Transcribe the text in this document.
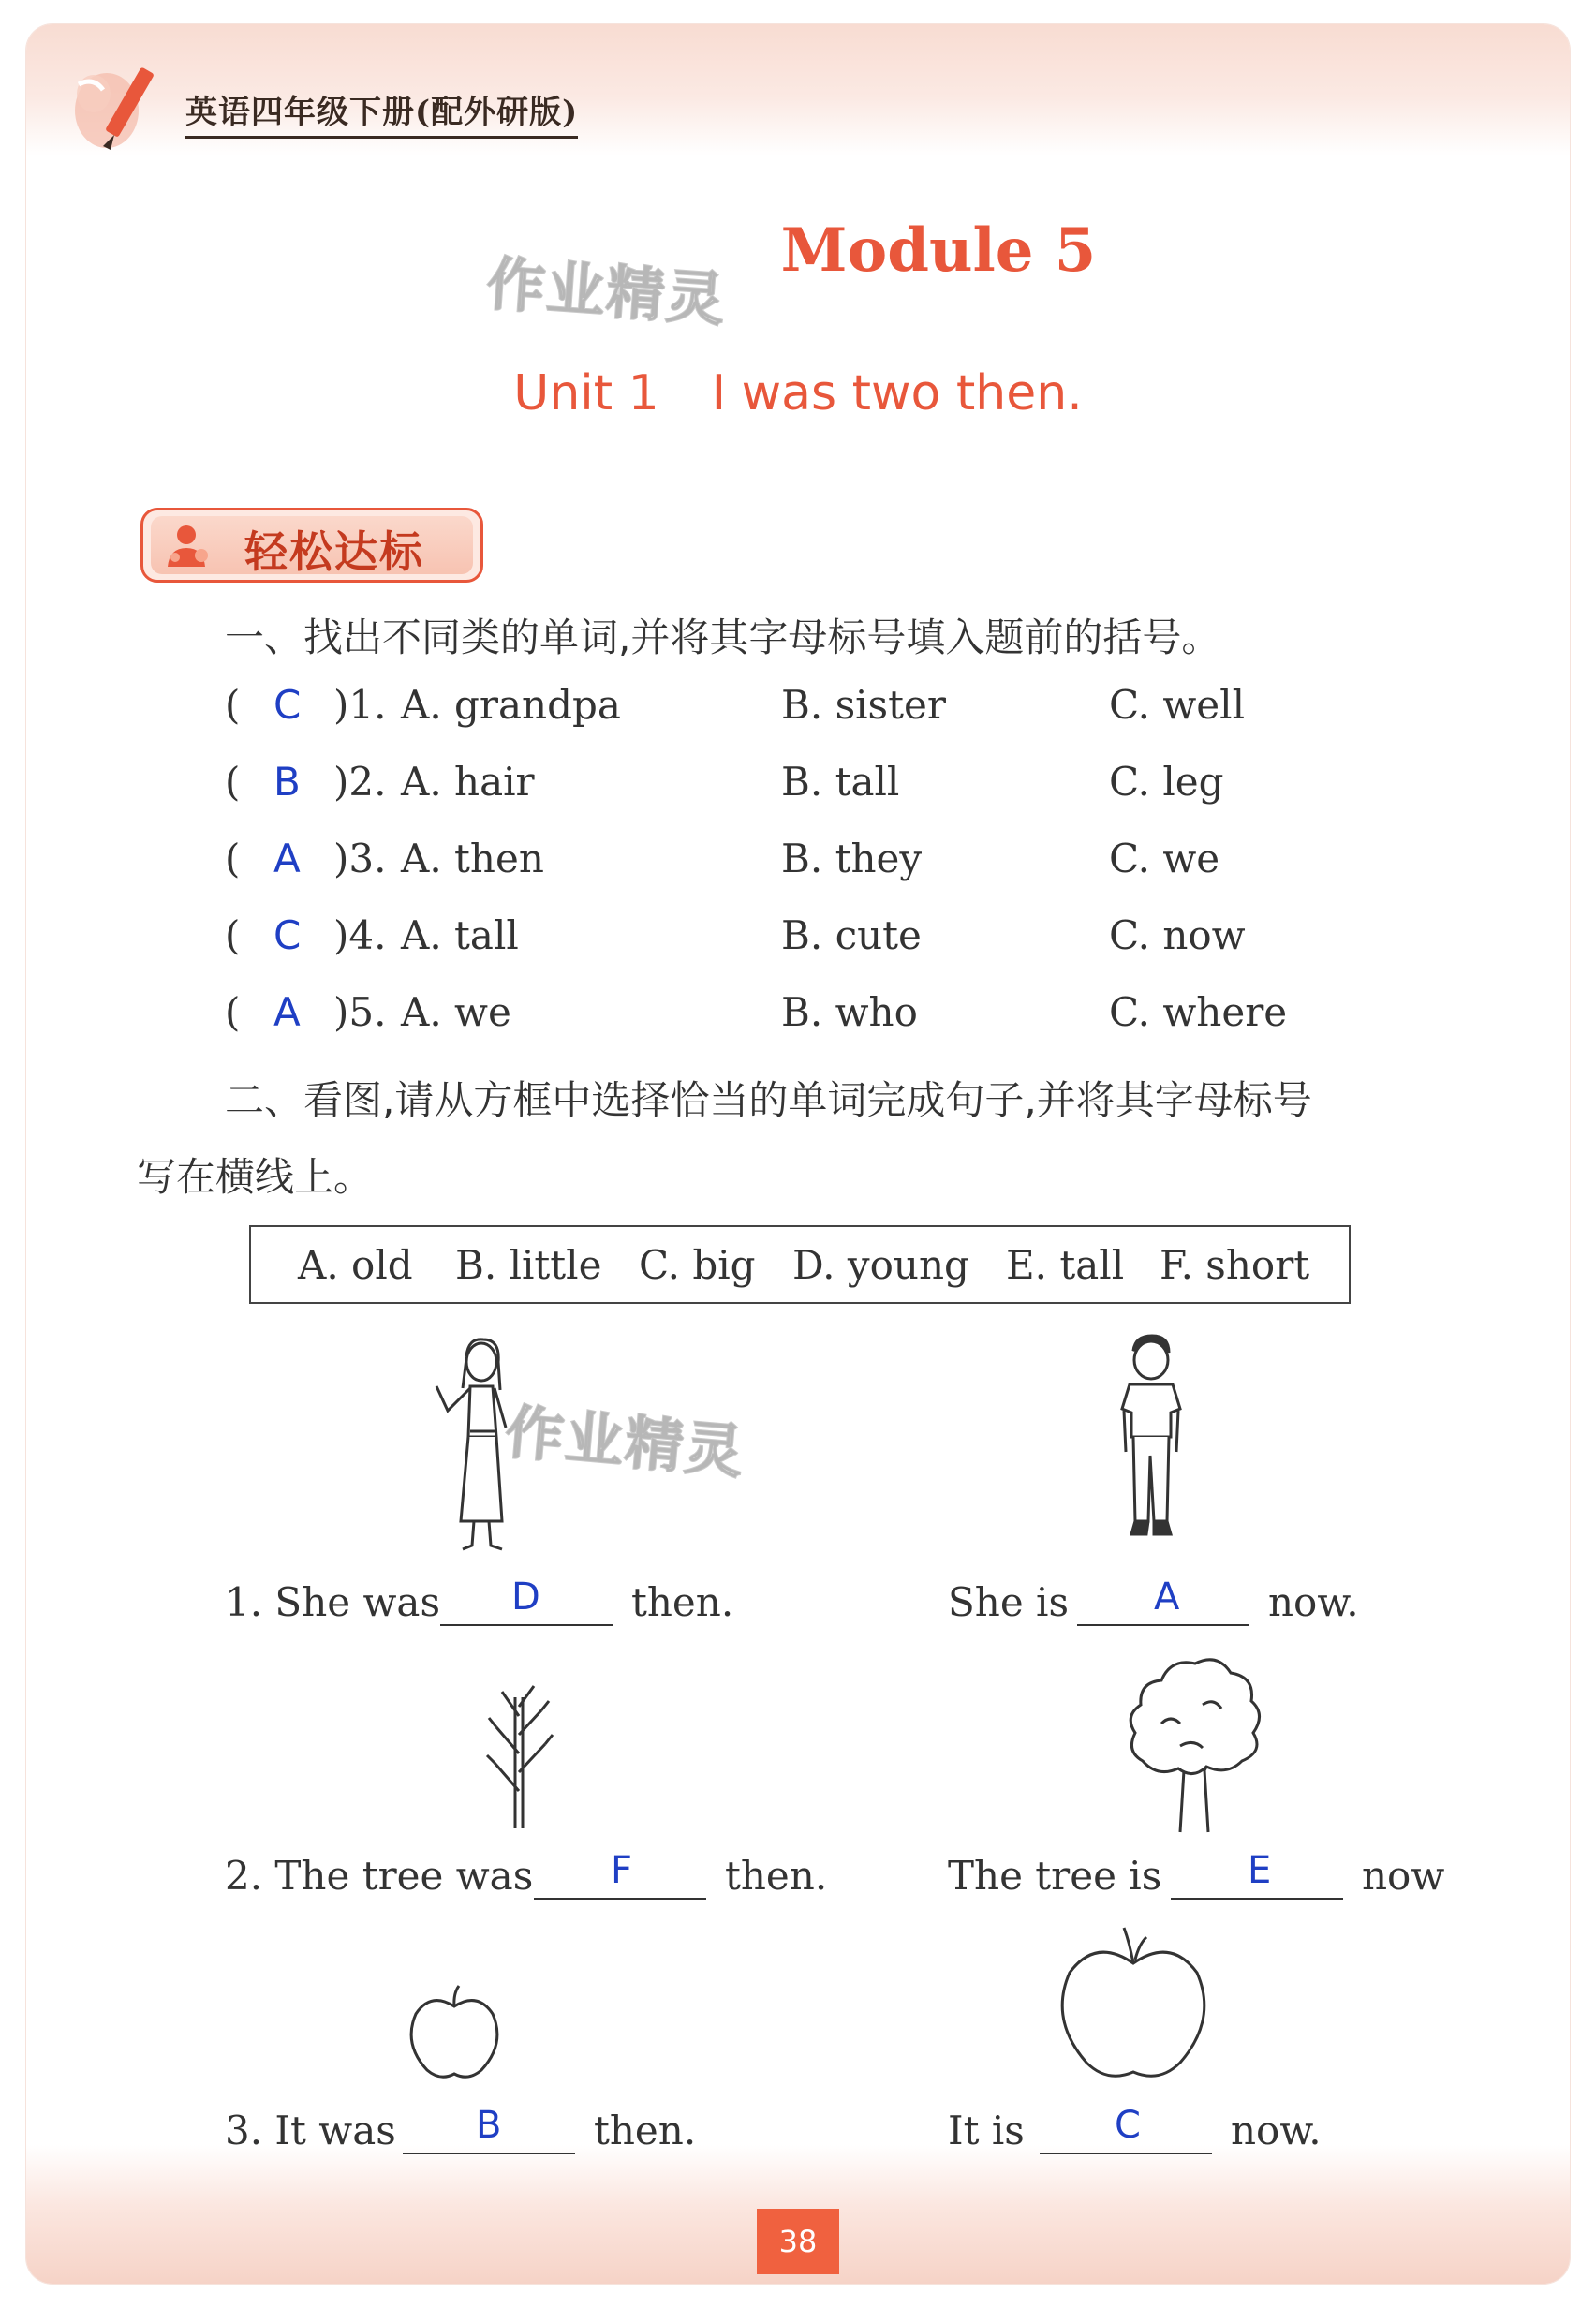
英语四年级下册(配外研版)
Module 5
作业精灵
Unit 1 I was two then.
轻松达标
一、找出不同类的单词,并将其字母标号填入题前的括号。
( C )1. A. grandpa	B. sister	C. well
( B )2. A. hair	B. tall	C. leg
( A )3. A. then	B. they	C. we
( C )4. A. tall	B. cute	C. now
( A )5. A. we	B. who	C. where
二、看图,请从方框中选择恰当的单词完成句子,并将其字母标号
写在横线上。
A. old B. little C. big D. young E. tall F. short
作业精灵
1. She was D then.	She is A now.
2. The tree was F then.	The tree is E now
3. It was B then.	It is C now.
38
